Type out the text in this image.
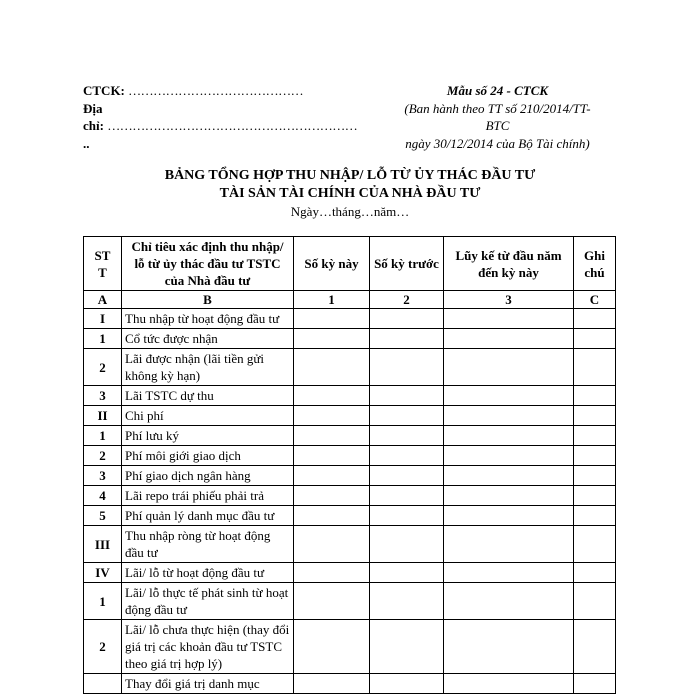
CTCK: ……………………………………
Địa
chỉ: ……………………………………………………
..
Mẫu số 24 - CTCK
(Ban hành theo TT số 210/2014/TT-
BTC
ngày 30/12/2014 của Bộ Tài chính)
BẢNG TỔNG HỢP THU NHẬP/ LỖ TỪ ỦY THÁC ĐẦU TƯ
TÀI SẢN TÀI CHÍNH CỦA NHÀ ĐẦU TƯ
Ngày…tháng…năm…
ST
T	Chỉ tiêu xác định thu nhập/ lỗ từ ủy thác đầu tư TSTC của Nhà đầu tư	Số kỳ này	Số kỳ trước	Lũy kế từ đầu năm đến kỳ này	Ghi chú
A	B	1	2	3	C
I	Thu nhập từ hoạt động đầu tư				
1	Cổ tức được nhận				
2	Lãi được nhận (lãi tiền gửi không kỳ hạn)				
3	Lãi TSTC dự thu				
II	Chi phí				
1	Phí lưu ký				
2	Phí môi giới giao dịch				
3	Phí giao dịch ngân hàng				
4	Lãi repo trái phiếu phải trả				
5	Phí quản lý danh mục đầu tư				
III	Thu nhập ròng từ hoạt động đầu tư				
IV	Lãi/ lỗ từ hoạt động đầu tư				
1	Lãi/ lỗ thực tế phát sinh từ hoạt động đầu tư				
2	Lãi/ lỗ chưa thực hiện (thay đổi giá trị các khoản đầu tư TSTC theo giá trị hợp lý)				
	Thay đổi giá trị danh mục				
